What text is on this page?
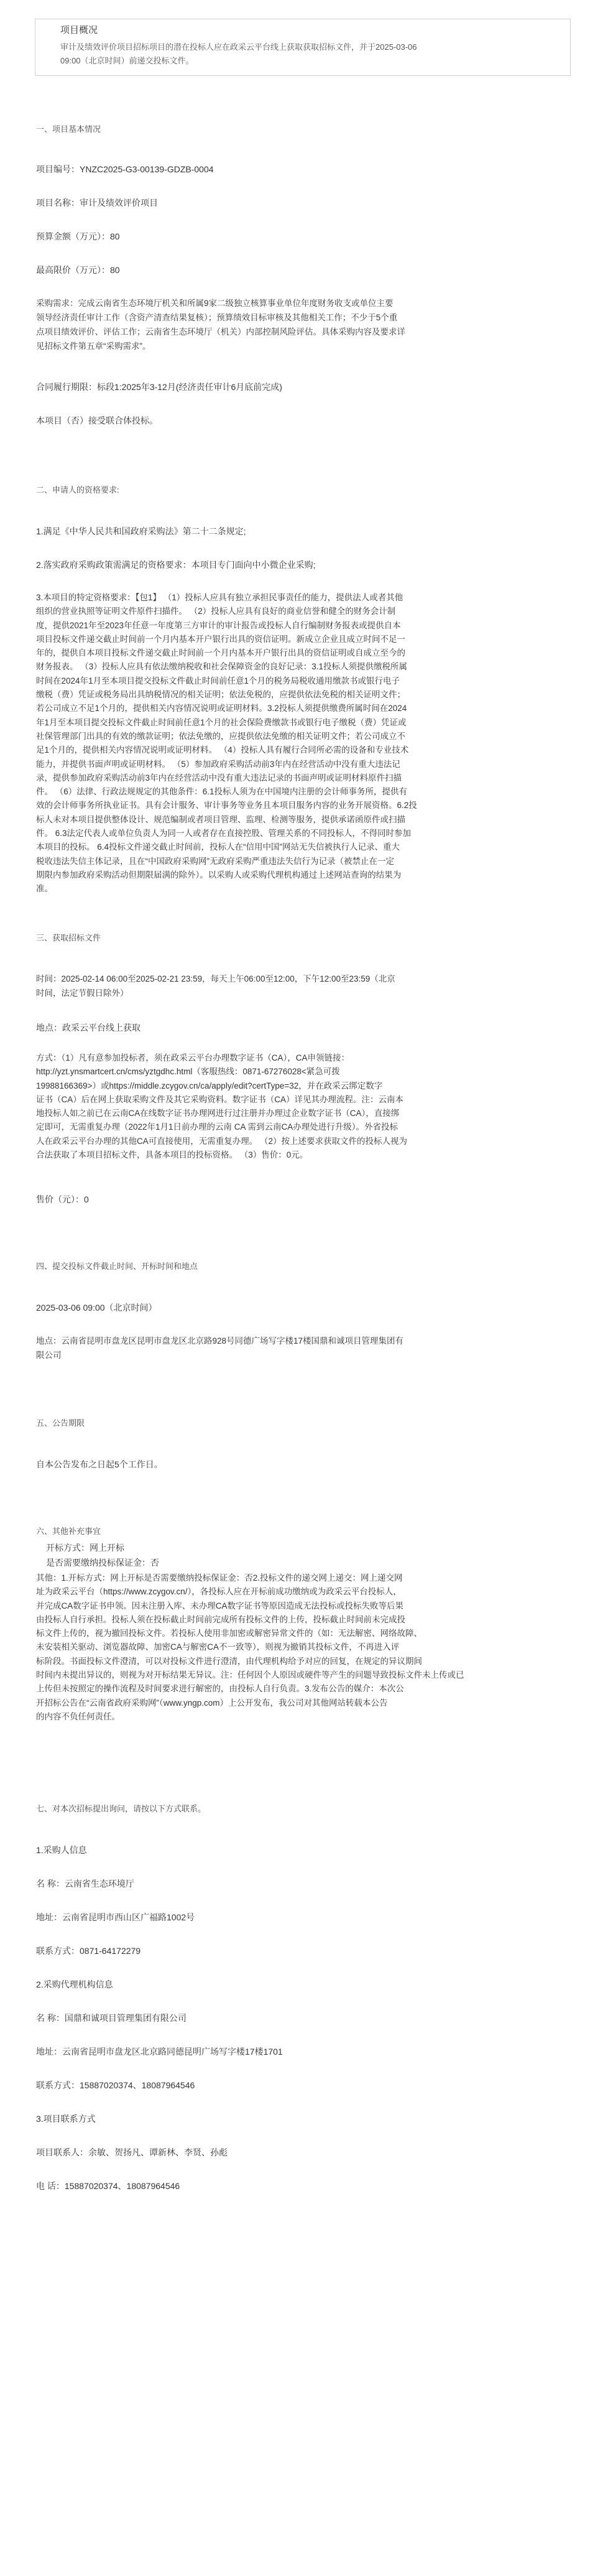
项目概况
审计及绩效评价项目招标项目的潜在投标人应在政采云平台线上获取获取招标文件，并于2025-03-06
09:00（北京时间）前递交投标文件。
一、项目基本情况
项目编号：YNZC2025-G3-00139-GDZB-0004
项目名称：审计及绩效评价项目
预算金额（万元）：80
最高限价（万元）：80
采购需求：完成云南省生态环境厅机关和所属9家二级独立核算事业单位年度财务收支或单位主要
领导经济责任审计工作（含资产清查结果复核）；预算绩效目标审核及其他相关工作；不少于5个重
点项目绩效评价、评估工作；云南省生态环境厅（机关）内部控制风险评估。具体采购内容及要求详
见招标文件第五章“采购需求”。
合同履行期限：标段1:2025年3-12月(经济责任审计6月底前完成)
本项目（否）接受联合体投标。
二、申请人的资格要求:
1.满足《中华人民共和国政府采购法》第二十二条规定;
2.落实政府采购政策需满足的资格要求：本项目专门面向中小微企业采购;
3.本项目的特定资格要求：【包1】 （1）投标人应具有独立承担民事责任的能力，提供法人或者其他
组织的营业执照等证明文件原件扫描件。 （2）投标人应具有良好的商业信誉和健全的财务会计制
度，提供2021年至2023年任意一年度第三方审计的审计报告或投标人自行编制财务报表或提供自本
项目投标文件递交截止时间前一个月内基本开户银行出具的资信证明。新成立企业且成立时间不足一
年的，提供自本项目投标文件递交截止时间前一个月内基本开户银行出具的资信证明或自成立至今的
财务报表。 （3）投标人应具有依法缴纳税收和社会保障资金的良好记录：3.1投标人须提供缴税所属
时间在2024年1月至本项目提交投标文件截止时间前任意1个月的税务局税收通用缴款书或银行电子
缴税（费）凭证或税务局出具纳税情况的相关证明；依法免税的，应提供依法免税的相关证明文件；
若公司成立不足1个月的，提供相关内容情况说明或证明材料。3.2投标人须提供缴费所属时间在2024
年1月至本项目提交投标文件截止时间前任意1个月的社会保险费缴款书或银行电子缴税（费）凭证或
社保管理部门出具的有效的缴款证明；依法免缴的，应提供依法免缴的相关证明文件；若公司成立不
足1个月的，提供相关内容情况说明或证明材料。 （4）投标人具有履行合同所必需的设备和专业技术
能力，并提供书面声明或证明材料。 （5）参加政府采购活动前3年内在经营活动中没有重大违法记
录，提供参加政府采购活动前3年内在经营活动中没有重大违法记录的书面声明或证明材料原件扫描
件。 （6）法律、行政法规规定的其他条件：6.1投标人须为在中国境内注册的会计师事务所，提供有
效的会计师事务所执业证书。具有会计服务、审计事务等业务且本项目服务内容的业务开展资格。6.2投
标人未对本项目提供整体设计、规范编制或者项目管理、监理、检测等服务，提供承诺函原件或扫描
件。 6.3法定代表人或单位负责人为同一人或者存在直接控股、管理关系的不同投标人，不得同时参加
本项目的投标。 6.4投标文件递交截止时间前，投标人在“信用中国”网站无失信被执行人记录、重大
税收违法失信主体记录，且在“中国政府采购网”无政府采购严重违法失信行为记录（被禁止在一定
期限内参加政府采购活动但期限届满的除外）。以采购人或采购代理机构通过上述网站查询的结果为
准。
三、获取招标文件
时间：2025-02-14 06:00至2025-02-21 23:59，每天上午06:00至12:00，下午12:00至23:59（北京
时间，法定节假日除外）
地点：政采云平台线上获取
方式：（1）凡有意参加投标者，须在政采云平台办理数字证书（CA），CA申领链接：
http://yzt.ynsmartcert.cn/cms/yztgdhc.html（客服热线：0871-67276028<紧急可拨
19988166369>）或https://middle.zcygov.cn/ca/apply/edit?certType=32，并在政采云绑定数字
证书（CA）后在网上获取采购文件及其它采购资料。数字证书（CA）详见其办理流程。注：云南本
地投标人如之前已在云南CA在线数字证书办理网进行过注册并办理过企业数字证书（CA），直接绑
定即可，无需重复办理（2022年1月1日前办理的云南 CA 需到云南CA办理处进行升级）。外省投标
人在政采云平台办理的其他CA可直接使用，无需重复办理。 （2）按上述要求获取文件的投标人视为
合法获取了本项目招标文件，具备本项目的投标资格。 （3）售价：0元。
售价（元）：0
四、提交投标文件截止时间、开标时间和地点
2025-03-06 09:00（北京时间）
地点：云南省昆明市盘龙区昆明市盘龙区北京路928号同德广场写字楼17楼国鼎和诚项目管理集团有
限公司
五、公告期限
自本公告发布之日起5个工作日。
六、其他补充事宜
开标方式：网上开标
是否需要缴纳投标保证金：否
其他：1.开标方式：网上开标是否需要缴纳投标保证金：否2.投标文件的递交网上递交：网上递交网
址为政采云平台（https://www.zcygov.cn/），各投标人应在开标前成功缴纳或为政采云平台投标人，
并完成CA数字证书申领。因未注册入库、未办理CA数字证书等原因造成无法投标或投标失败等后果
由投标人自行承担。投标人须在投标截止时间前完成所有投标文件的上传，投标截止时间前未完成投
标文件上传的，视为撤回投标文件。若投标人使用非加密或解密异常文件的（如：无法解密、网络故障、
未安装相关驱动、浏览器故障、加密CA与解密CA不一致等），则视为撤销其投标文件，不再进入评
标阶段。书面投标文件澄清，可以对投标文件进行澄清，由代理机构给予对应的回复，在规定的异议期间
时间内未提出异议的，则视为对开标结果无异议。注：任何因个人原因或硬件等产生的问题导致投标文件未上传或已
上传但未按照定的操作流程及时间要求进行解密的，由投标人自行负责。3.发布公告的媒介：本次公
开招标公告在“云南省政府采购网”（www.yngp.com）上公开发布，我公司对其他网站转载本公告
的内容不负任何责任。
七、对本次招标提出询问，请按以下方式联系。
1.采购人信息
名 称：云南省生态环境厅
地址：云南省昆明市西山区广福路1002号
联系方式：0871-64172279
2.采购代理机构信息
名 称：国鼎和诚项目管理集团有限公司
地址：云南省昆明市盘龙区北京路同德昆明广场写字楼17楼1701
联系方式：15887020374、18087964546
3.项目联系方式
项目联系人：余敏、贺扬凡、谭新林、李贤、孙彪
电 话：15887020374、18087964546
